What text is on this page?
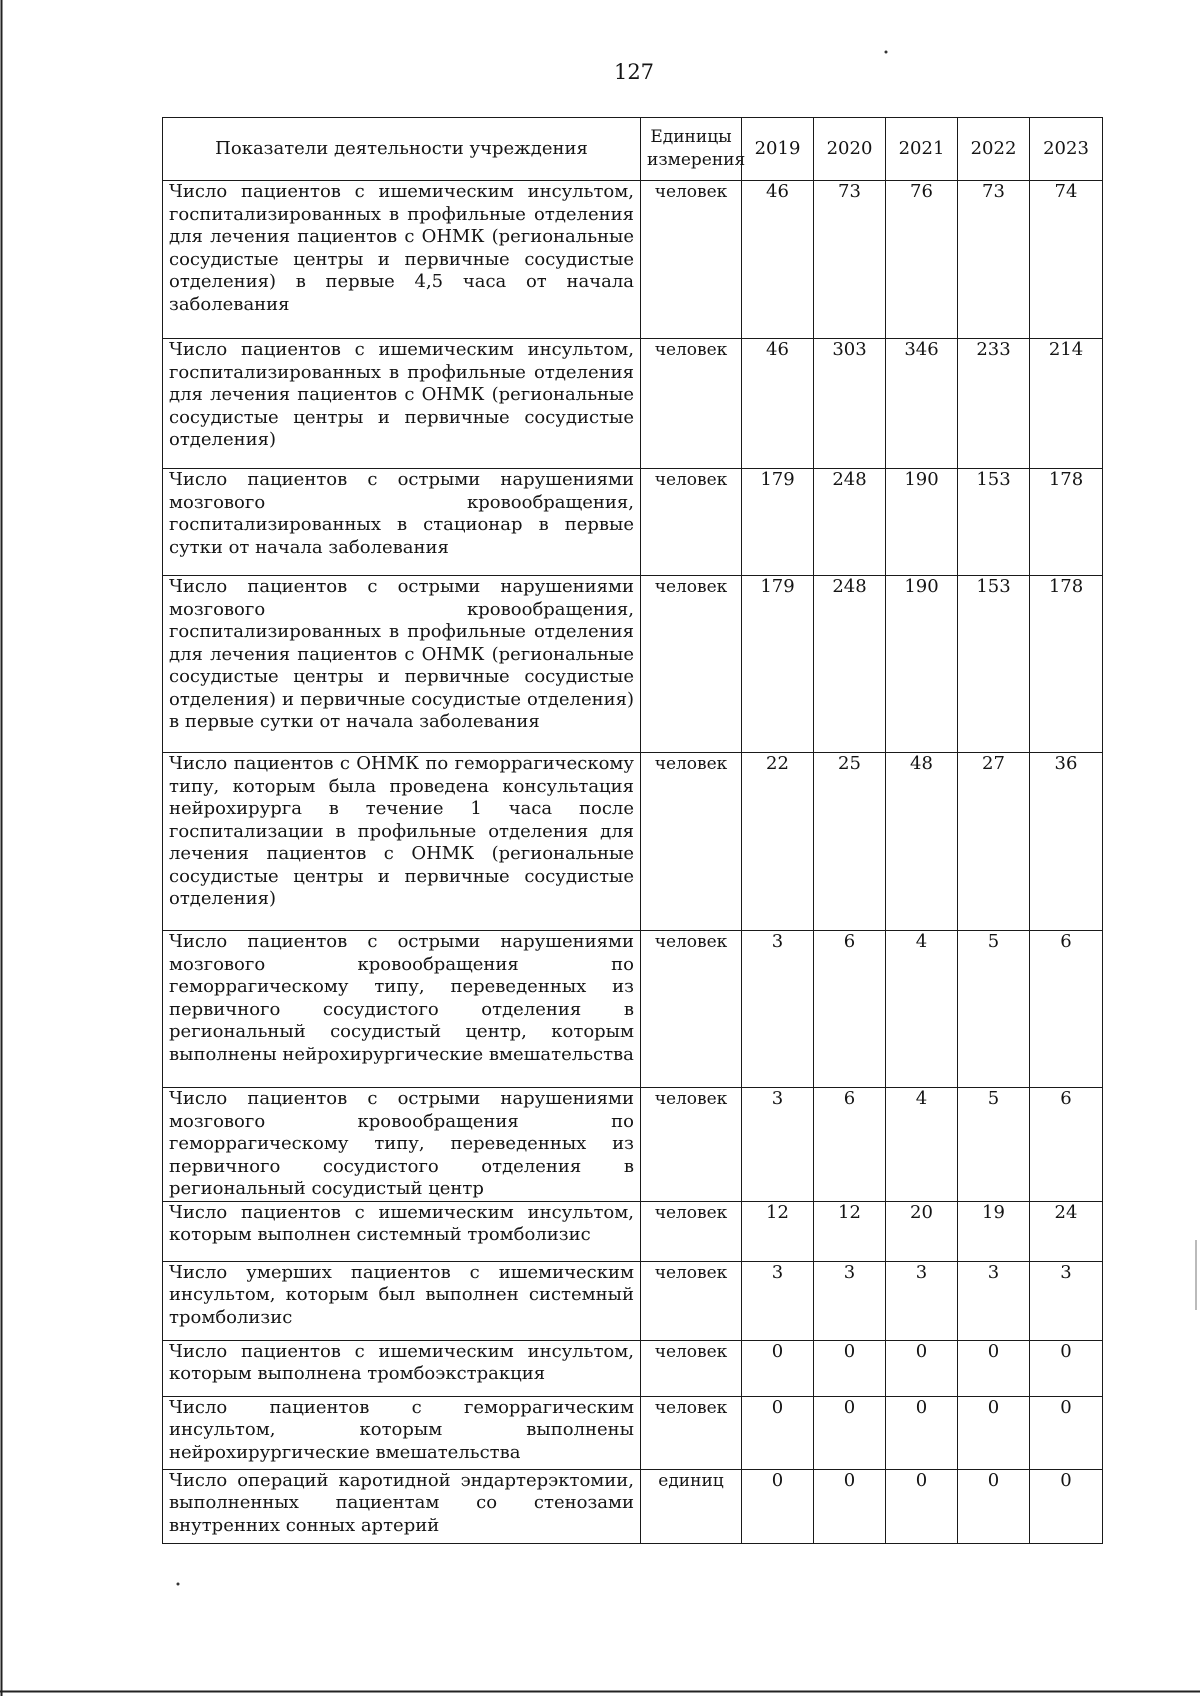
127
Показатели деятельности учреждения	Единицы измерения	2019	2020	2021	2022	2023
Число пациентов с ишемическим инсультом, госпитализированных в профильные отделения для лечения пациентов с ОНМК (региональные сосудистые центры и первичные сосудистые отделения) в первые 4,5 часа от начала заболевания	человек	46	73	76	73	74
Число пациентов с ишемическим инсультом, госпитализированных в профильные отделения для лечения пациентов с ОНМК (региональные сосудистые центры и первичные сосудистые отделения)	человек	46	303	346	233	214
Число пациентов с острыми нарушениями мозгового кровообращения, госпитализированных в стационар в первые сутки от начала заболевания	человек	179	248	190	153	178
Число пациентов с острыми нарушениями мозгового кровообращения, госпитализированных в профильные отделения для лечения пациентов с ОНМК (региональные сосудистые центры и первичные сосудистые отделения) и первичные сосудистые отделения) в первые сутки от начала заболевания	человек	179	248	190	153	178
Число пациентов с ОНМК по геморрагическому типу, которым была проведена консультация нейрохирурга в течение 1 часа после госпитализации в профильные отделения для лечения пациентов с ОНМК (региональные сосудистые центры и первичные сосудистые отделения)	человек	22	25	48	27	36
Число пациентов с острыми нарушениями мозгового кровообращения по геморрагическому типу, переведенных из первичного сосудистого отделения в региональный сосудистый центр, которым выполнены нейрохирургические вмешательства	человек	3	6	4	5	6
Число пациентов с острыми нарушениями мозгового кровообращения по геморрагическому типу, переведенных из первичного сосудистого отделения в региональный сосудистый центр	человек	3	6	4	5	6
Число пациентов с ишемическим инсультом, которым выполнен системный тромболизис	человек	12	12	20	19	24
Число умерших пациентов с ишемическим инсультом, которым был выполнен системный тромболизис	человек	3	3	3	3	3
Число пациентов с ишемическим инсультом, которым выполнена тромбоэкстракция	человек	0	0	0	0	0
Число пациентов с геморрагическим инсультом, которым выполнены нейрохирургические вмешательства	человек	0	0	0	0	0
Число операций каротидной эндартерэктомии, выполненных пациентам со стенозами внутренних сонных артерий	единиц	0	0	0	0	0
